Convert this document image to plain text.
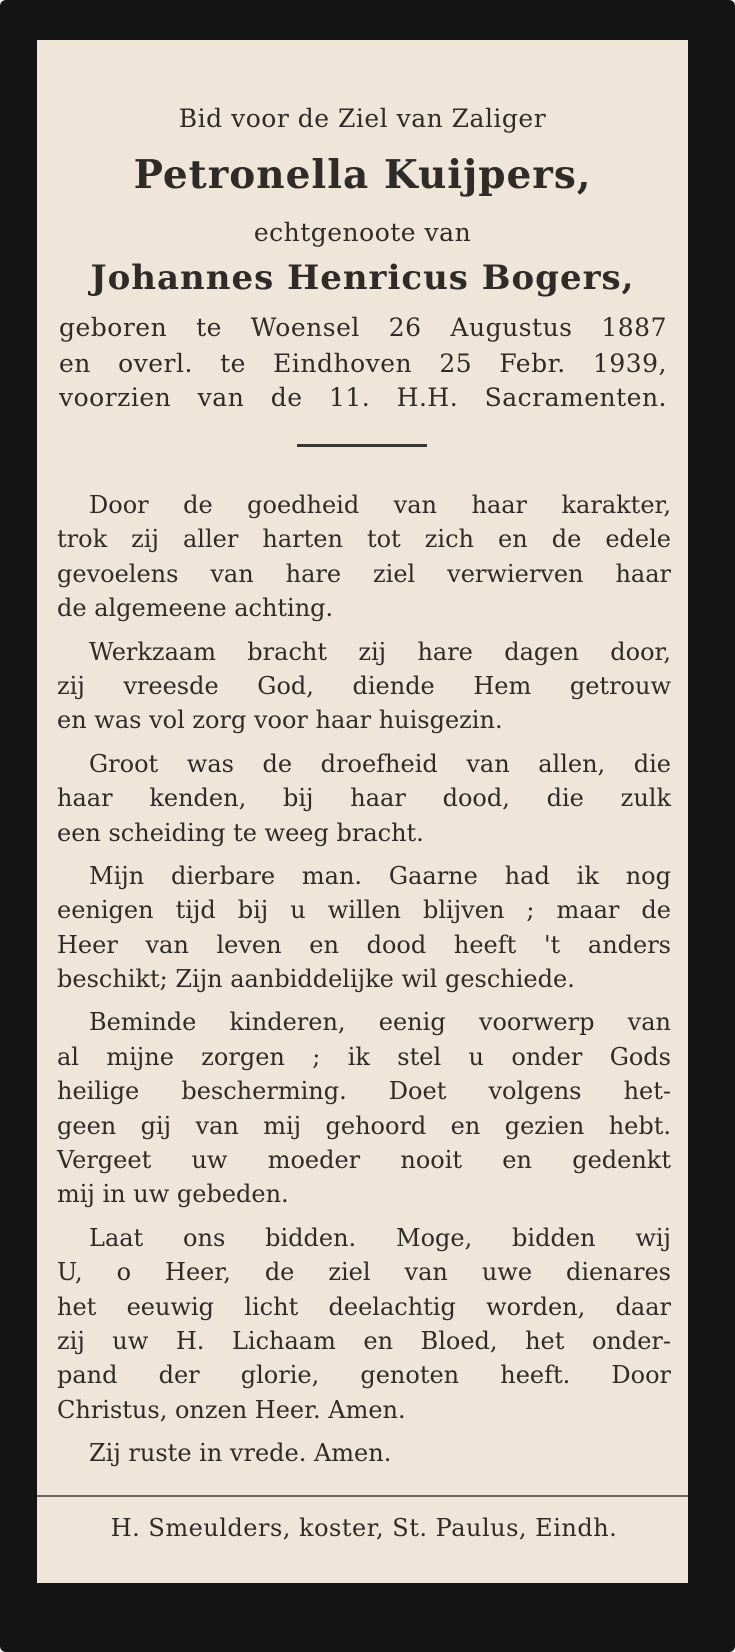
Bid voor de Ziel van Zaliger
Petronella Kuijpers,
echtgenoote van
Johannes Henricus Bogers,
geboren te Woensel 26 Augustus 1887
en overl. te Eindhoven 25 Febr. 1939,
voorzien van de 11. H.H. Sacramenten.
Door de goedheid van haar karakter,
trok zij aller harten tot zich en de edele
gevoelens van hare ziel verwierven haar
de algemeene achting.
Werkzaam bracht zij hare dagen door,
zij vreesde God, diende Hem getrouw
en was vol zorg voor haar huisgezin.
Groot was de droefheid van allen, die
haar kenden, bij haar dood, die zulk
een scheiding te weeg bracht.
Mijn dierbare man. Gaarne had ik nog
eenigen tijd bij u willen blijven ; maar de
Heer van leven en dood heeft 't anders
beschikt; Zijn aanbiddelijke wil geschiede.
Beminde kinderen, eenig voorwerp van
al mijne zorgen ; ik stel u onder Gods
heilige bescherming. Doet volgens het-
geen gij van mij gehoord en gezien hebt.
Vergeet uw moeder nooit en gedenkt
mij in uw gebeden.
Laat ons bidden. Moge, bidden wij
U, o Heer, de ziel van uwe dienares
het eeuwig licht deelachtig worden, daar
zij uw H. Lichaam en Bloed, het onder-
pand der glorie, genoten heeft. Door
Christus, onzen Heer. Amen.
Zij ruste in vrede. Amen.
H. Smeulders, koster, St. Paulus, Eindh.
